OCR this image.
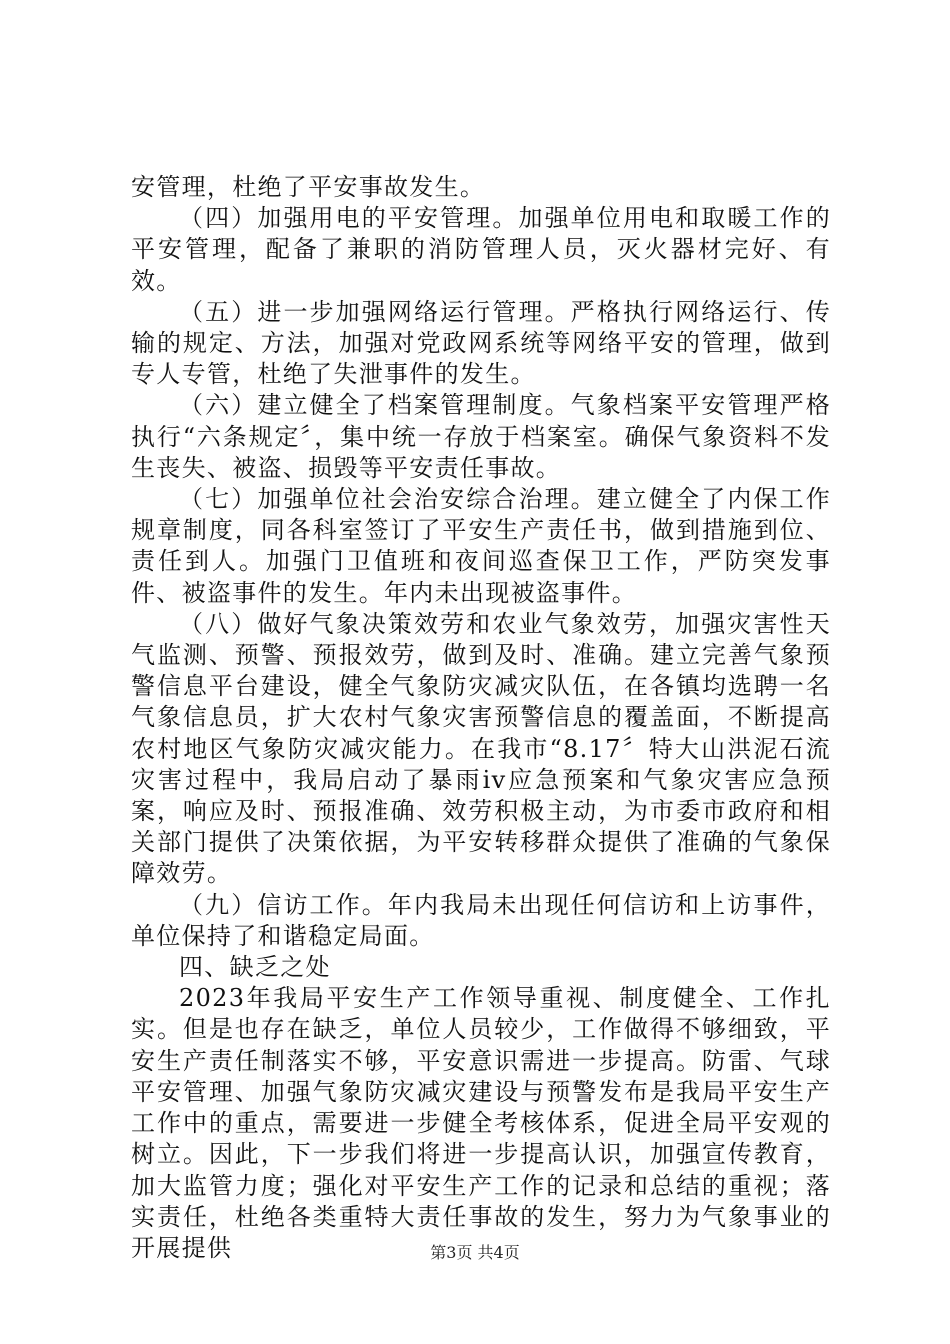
安管理，杜绝了平安事故发生。

（四）加强用电的平安管理。加强单位用电和取暖工作的平安管理，配备了兼职的消防管理人员，灭火器材完好、有效。

（五）进一步加强网络运行管理。严格执行网络运行、传输的规定、方法，加强对党政网系统等网络平安的管理，做到专人专管，杜绝了失泄事件的发生。

（六）建立健全了档案管理制度。气象档案平安管理严格执行“六条规定〞，集中统一存放于档案室。确保气象资料不发生丧失、被盗、损毁等平安责任事故。

（七）加强单位社会治安综合治理。建立健全了内保工作规章制度，同各科室签订了平安生产责任书，做到措施到位、责任到人。加强门卫值班和夜间巡查保卫工作，严防突发事件、被盗事件的发生。年内未出现被盗事件。

（八）做好气象决策效劳和农业气象效劳，加强灾害性天气监测、预警、预报效劳，做到及时、准确。建立完善气象预警信息平台建设，健全气象防灾减灾队伍，在各镇均选聘一名气象信息员，扩大农村气象灾害预警信息的覆盖面，不断提高农村地区气象防灾减灾能力。在我市“8.17〞特大山洪泥石流灾害过程中，我局启动了暴雨iv应急预案和气象灾害应急预案，响应及时、预报准确、效劳积极主动，为市委市政府和相关部门提供了决策依据，为平安转移群众提供了准确的气象保障效劳。

（九）信访工作。年内我局未出现任何信访和上访事件，单位保持了和谐稳定局面。

四、缺乏之处

2023年我局平安生产工作领导重视、制度健全、工作扎实。但是也存在缺乏，单位人员较少，工作做得不够细致，平安生产责任制落实不够，平安意识需进一步提高。防雷、气球平安管理、加强气象防灾减灾建设与预警发布是我局平安生产工作中的重点，需要进一步健全考核体系，促进全局平安观的树立。因此，下一步我们将进一步提高认识，加强宣传教育，加大监管力度；强化对平安生产工作的记录和总结的重视；落实责任，杜绝各类重特大责任事故的发生，努力为气象事业的开展提供	第3页 共4页
